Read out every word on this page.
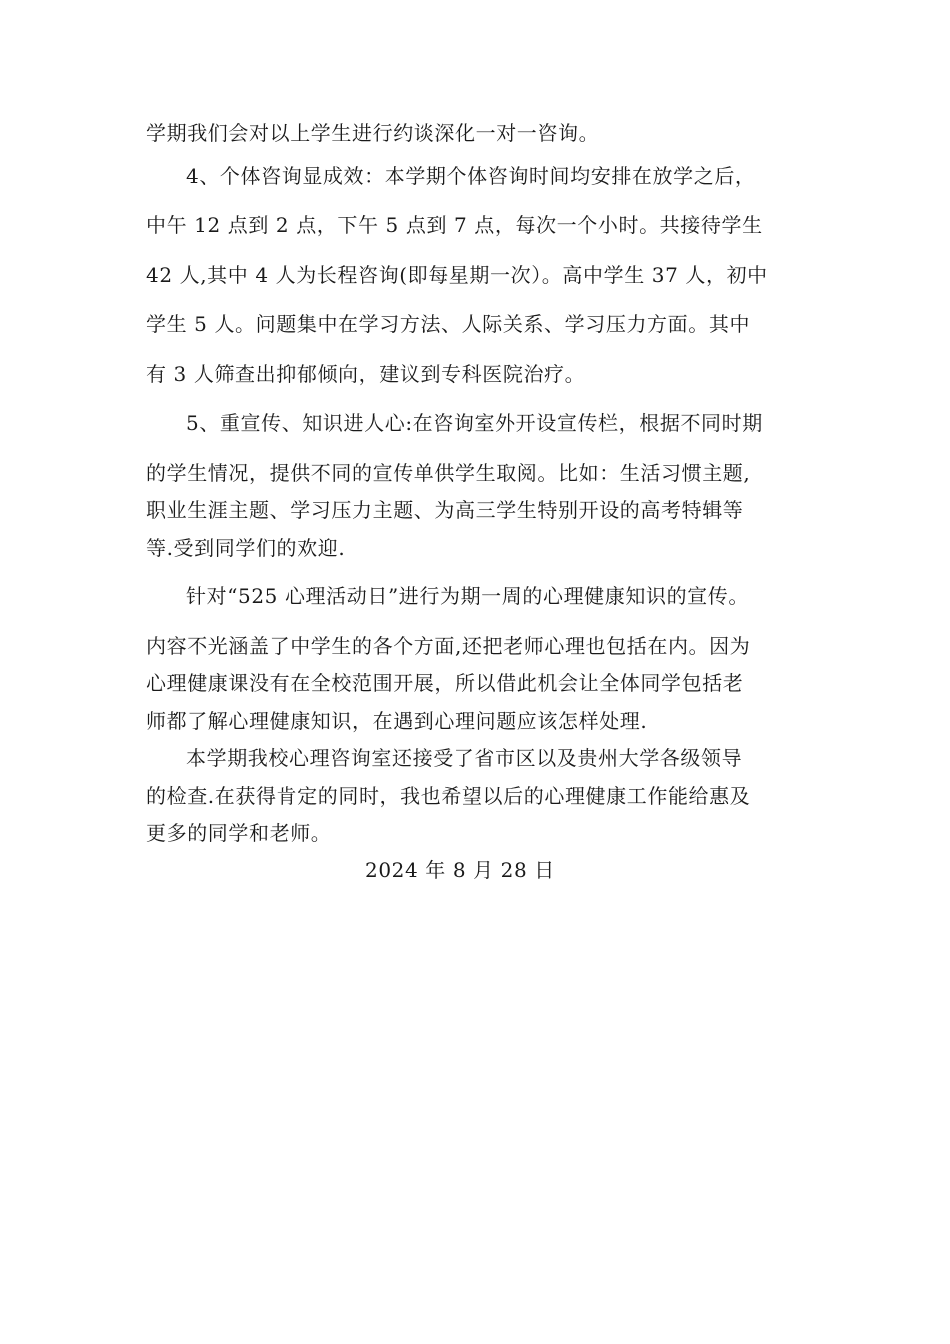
学期我们会对以上学生进行约谈深化一对一咨询。
4、个体咨询显成效：本学期个体咨询时间均安排在放学之后，
中午 12 点到 2 点，下午 5 点到 7 点，每次一个小时。共接待学生
42 人,其中 4 人为长程咨询(即每星期一次）。高中学生 37 人，初中
学生 5 人。问题集中在学习方法、人际关系、学习压力方面。其中
有 3 人筛查出抑郁倾向，建议到专科医院治疗。
5、重宣传、知识进人心:在咨询室外开设宣传栏，根据不同时期
的学生情况，提供不同的宣传单供学生取阅。比如：生活习惯主题,
职业生涯主题、学习压力主题、为高三学生特别开设的高考特辑等
等.受到同学们的欢迎.
针对“525 心理活动日”进行为期一周的心理健康知识的宣传。
内容不光涵盖了中学生的各个方面,还把老师心理也包括在内。因为
心理健康课没有在全校范围开展，所以借此机会让全体同学包括老
师都了解心理健康知识，在遇到心理问题应该怎样处理.
本学期我校心理咨询室还接受了省市区以及贵州大学各级领导
的检查.在获得肯定的同时，我也希望以后的心理健康工作能给惠及
更多的同学和老师。
2024 年 8 月 28 日
